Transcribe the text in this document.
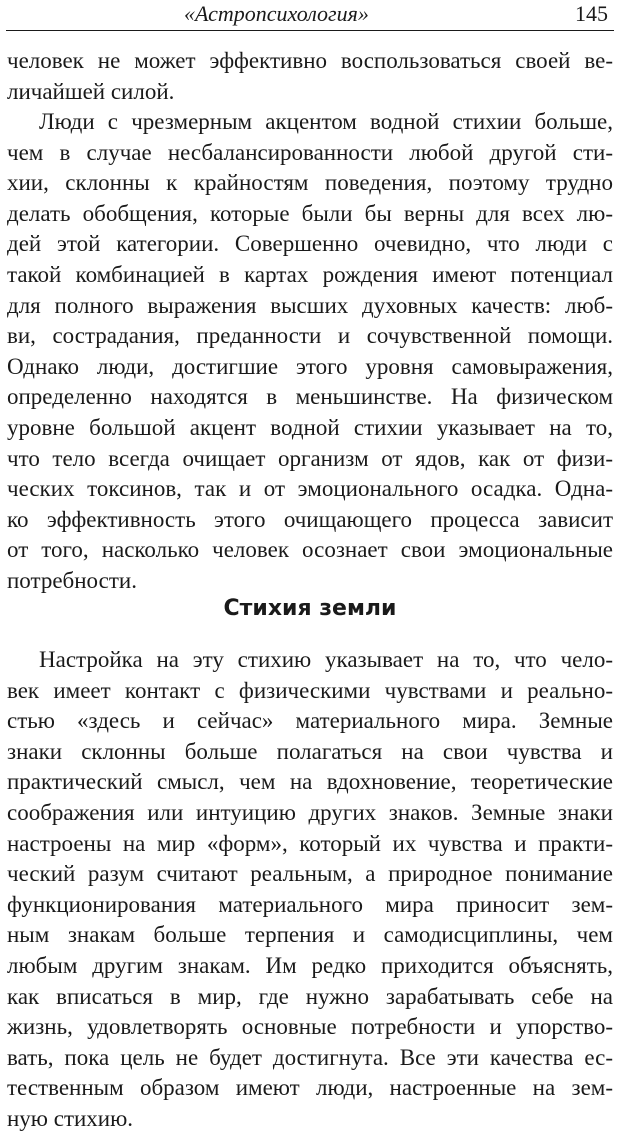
«Астропсихология»	145
человек не может эффективно воспользоваться своей ве-
личайшей силой.
Люди с чрезмерным акцентом водной стихии больше,
чем в случае несбалансированности любой другой сти-
хии, склонны к крайностям поведения, поэтому трудно
делать обобщения, которые были бы верны для всех лю-
дей этой категории. Совершенно очевидно, что люди с
такой комбинацией в картах рождения имеют потенциал
для полного выражения высших духовных качеств: люб-
ви, сострадания, преданности и сочувственной помощи.
Однако люди, достигшие этого уровня самовыражения,
определенно находятся в меньшинстве. На физическом
уровне большой акцент водной стихии указывает на то,
что тело всегда очищает организм от ядов, как от физи-
ческих токсинов, так и от эмоционального осадка. Одна-
ко эффективность этого очищающего процесса зависит
от того, насколько человек осознает свои эмоциональные
потребности.
Стихия земли
Настройка на эту стихию указывает на то, что чело-
век имеет контакт с физическими чувствами и реально-
стью «здесь и сейчас» материального мира. Земные
знаки склонны больше полагаться на свои чувства и
практический смысл, чем на вдохновение, теоретические
соображения или интуицию других знаков. Земные знаки
настроены на мир «форм», который их чувства и практи-
ческий разум считают реальным, а природное понимание
функционирования материального мира приносит зем-
ным знакам больше терпения и самодисциплины, чем
любым другим знакам. Им редко приходится объяснять,
как вписаться в мир, где нужно зарабатывать себе на
жизнь, удовлетворять основные потребности и упорство-
вать, пока цель не будет достигнута. Все эти качества ес-
тественным образом имеют люди, настроенные на зем-
ную стихию.
